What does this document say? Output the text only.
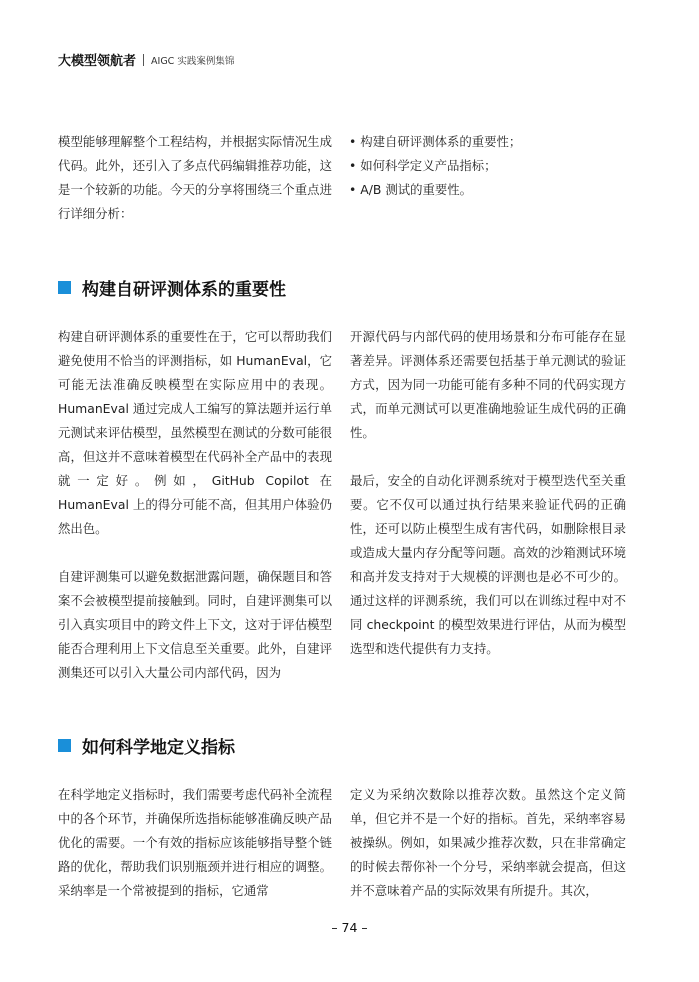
大模型领航者 AIGC 实践案例集锦

模型能够理解整个工程结构，并根据实际情况生成代码。此外，还引入了多点代码编辑推荐功能，这是一个较新的功能。今天的分享将围绕三个重点进行详细分析：

• 构建自研评测体系的重要性；
• 如何科学定义产品指标；
• A/B 测试的重要性。
构建自研评测体系的重要性

构建自研评测体系的重要性在于，它可以帮助我们避免使用不恰当的评测指标，如 HumanEval，它可能无法准确反映模型在实际应用中的表现。HumanEval 通过完成人工编写的算法题并运行单元测试来评估模型，虽然模型在测试的分数可能很高，但这并不意味着模型在代码补全产品中的表现就一定好。例如，GitHub Copilot 在 HumanEval 上的得分可能不高，但其用户体验仍然出色。

自建评测集可以避免数据泄露问题，确保题目和答案不会被模型提前接触到。同时，自建评测集可以引入真实项目中的跨文件上下文，这对于评估模型能否合理利用上下文信息至关重要。此外，自建评测集还可以引入大量公司内部代码，因为

开源代码与内部代码的使用场景和分布可能存在显著差异。评测体系还需要包括基于单元测试的验证方式，因为同一功能可能有多种不同的代码实现方式，而单元测试可以更准确地验证生成代码的正确性。

最后，安全的自动化评测系统对于模型迭代至关重要。它不仅可以通过执行结果来验证代码的正确性，还可以防止模型生成有害代码，如删除根目录或造成大量内存分配等问题。高效的沙箱测试环境和高并发支持对于大规模的评测也是必不可少的。通过这样的评测系统，我们可以在训练过程中对不同 checkpoint 的模型效果进行评估，从而为模型选型和迭代提供有力支持。

如何科学地定义指标

在科学地定义指标时，我们需要考虑代码补全流程中的各个环节，并确保所选指标能够准确反映产品优化的需要。一个有效的指标应该能够指导整个链路的优化，帮助我们识别瓶颈并进行相应的调整。采纳率是一个常被提到的指标，它通常

定义为采纳次数除以推荐次数。虽然这个定义简单，但它并不是一个好的指标。首先，采纳率容易被操纵。例如，如果减少推荐次数，只在非常确定的时候去帮你补一个分号，采纳率就会提高，但这并不意味着产品的实际效果有所提升。其次，

– 74 –
